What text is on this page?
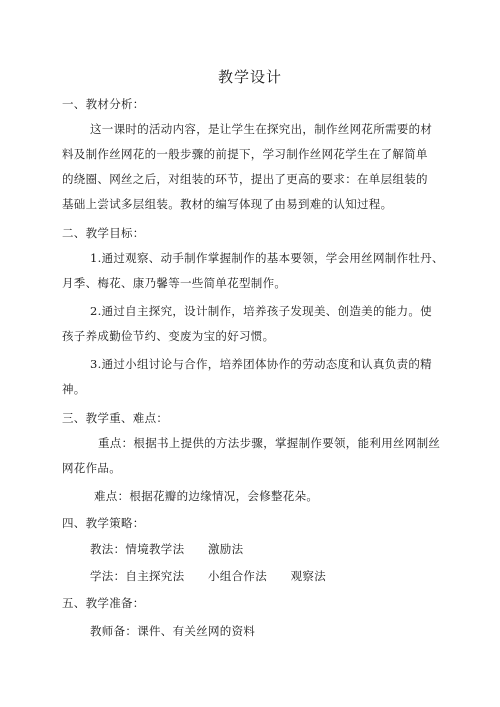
教学设计
一、教材分析：
这一课时的活动内容，是让学生在探究出，制作丝网花所需要的材
料及制作丝网花的一般步骤的前提下，学习制作丝网花学生在了解简单
的绕圈、网丝之后，对组装的环节，提出了更高的要求：在单层组装的
基础上尝试多层组装。教材的编写体现了由易到难的认知过程。
二、教学目标：
1.通过观察、动手制作掌握制作的基本要领，学会用丝网制作牡丹、
月季、梅花、康乃馨等一些简单花型制作。
2.通过自主探究，设计制作，培养孩子发现美、创造美的能力。使
孩子养成勤俭节约、变废为宝的好习惯。
3.通过小组讨论与合作，培养团体协作的劳动态度和认真负责的精
神。
三、教学重、难点：
重点：根据书上提供的方法步骤，掌握制作要领，能利用丝网制丝
网花作品。
难点：根据花瓣的边缘情况，会修整花朵。
四、教学策略：
教法：情境教学法　　激励法
学法：自主探究法　　小组合作法　　观察法
五、教学准备：
教师备：课件、有关丝网的资料
